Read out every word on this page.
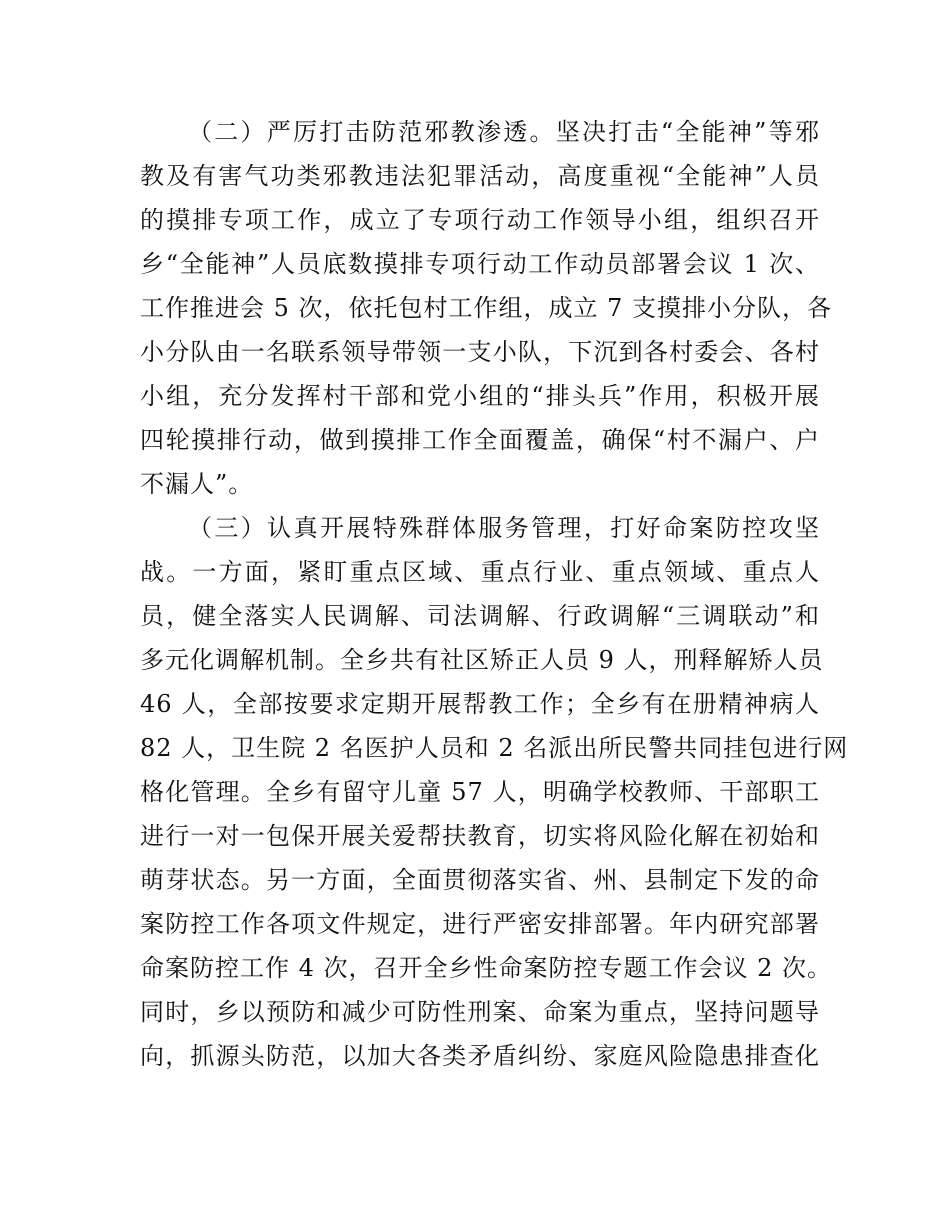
（二）严厉打击防范邪教渗透。坚决打击“全能神”等邪
教及有害气功类邪教违法犯罪活动，高度重视“全能神”人员
的摸排专项工作，成立了专项行动工作领导小组，组织召开
乡“全能神”人员底数摸排专项行动工作动员部署会议 1 次、
工作推进会 5 次，依托包村工作组，成立 7 支摸排小分队，各
小分队由一名联系领导带领一支小队，下沉到各村委会、各村
小组，充分发挥村干部和党小组的“排头兵”作用，积极开展
四轮摸排行动，做到摸排工作全面覆盖，确保“村不漏户、户
不漏人”。
（三）认真开展特殊群体服务管理，打好命案防控攻坚
战。一方面，紧盯重点区域、重点行业、重点领域、重点人
员，健全落实人民调解、司法调解、行政调解“三调联动”和
多元化调解机制。全乡共有社区矫正人员 9 人，刑释解矫人员
46 人，全部按要求定期开展帮教工作；全乡有在册精神病人
82 人，卫生院 2 名医护人员和 2 名派出所民警共同挂包进行网
格化管理。全乡有留守儿童 57 人，明确学校教师、干部职工
进行一对一包保开展关爱帮扶教育，切实将风险化解在初始和
萌芽状态。另一方面，全面贯彻落实省、州、县制定下发的命
案防控工作各项文件规定，进行严密安排部署。年内研究部署
命案防控工作 4 次，召开全乡性命案防控专题工作会议 2 次。
同时，乡以预防和减少可防性刑案、命案为重点，坚持问题导
向，抓源头防范，以加大各类矛盾纠纷、家庭风险隐患排查化
